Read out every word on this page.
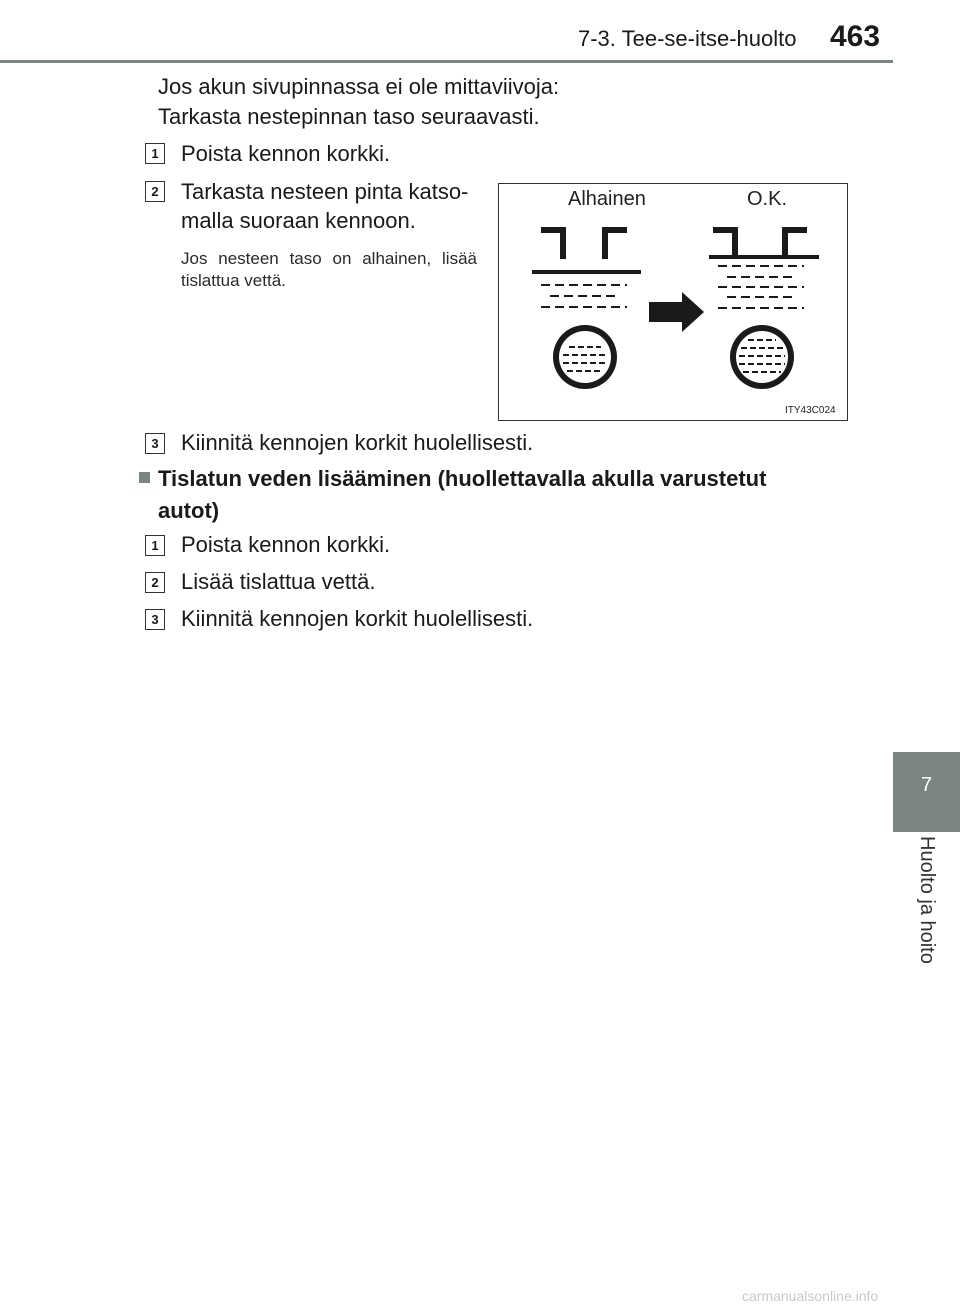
7-3. Tee-se-itse-huolto 463
7
Huolto ja hoito
Jos akun sivupinnassa ei ole mittaviivoja:
Tarkasta nestepinnan taso seuraavasti.
1 Poista kennon korkki.
2 Tarkasta nesteen pinta katso-
malla suoraan kennoon.
Jos nesteen taso on alhainen, lisää tislattua vettä.
Alhainen	O.K.
ITY43C024
3 Kiinnitä kennojen korkit huolellisesti.
Tislatun veden lisääminen (huollettavalla akulla varustetut
autot)
1 Poista kennon korkki.
2 Lisää tislattua vettä.
3 Kiinnitä kennojen korkit huolellisesti.
carmanualsonline.info
